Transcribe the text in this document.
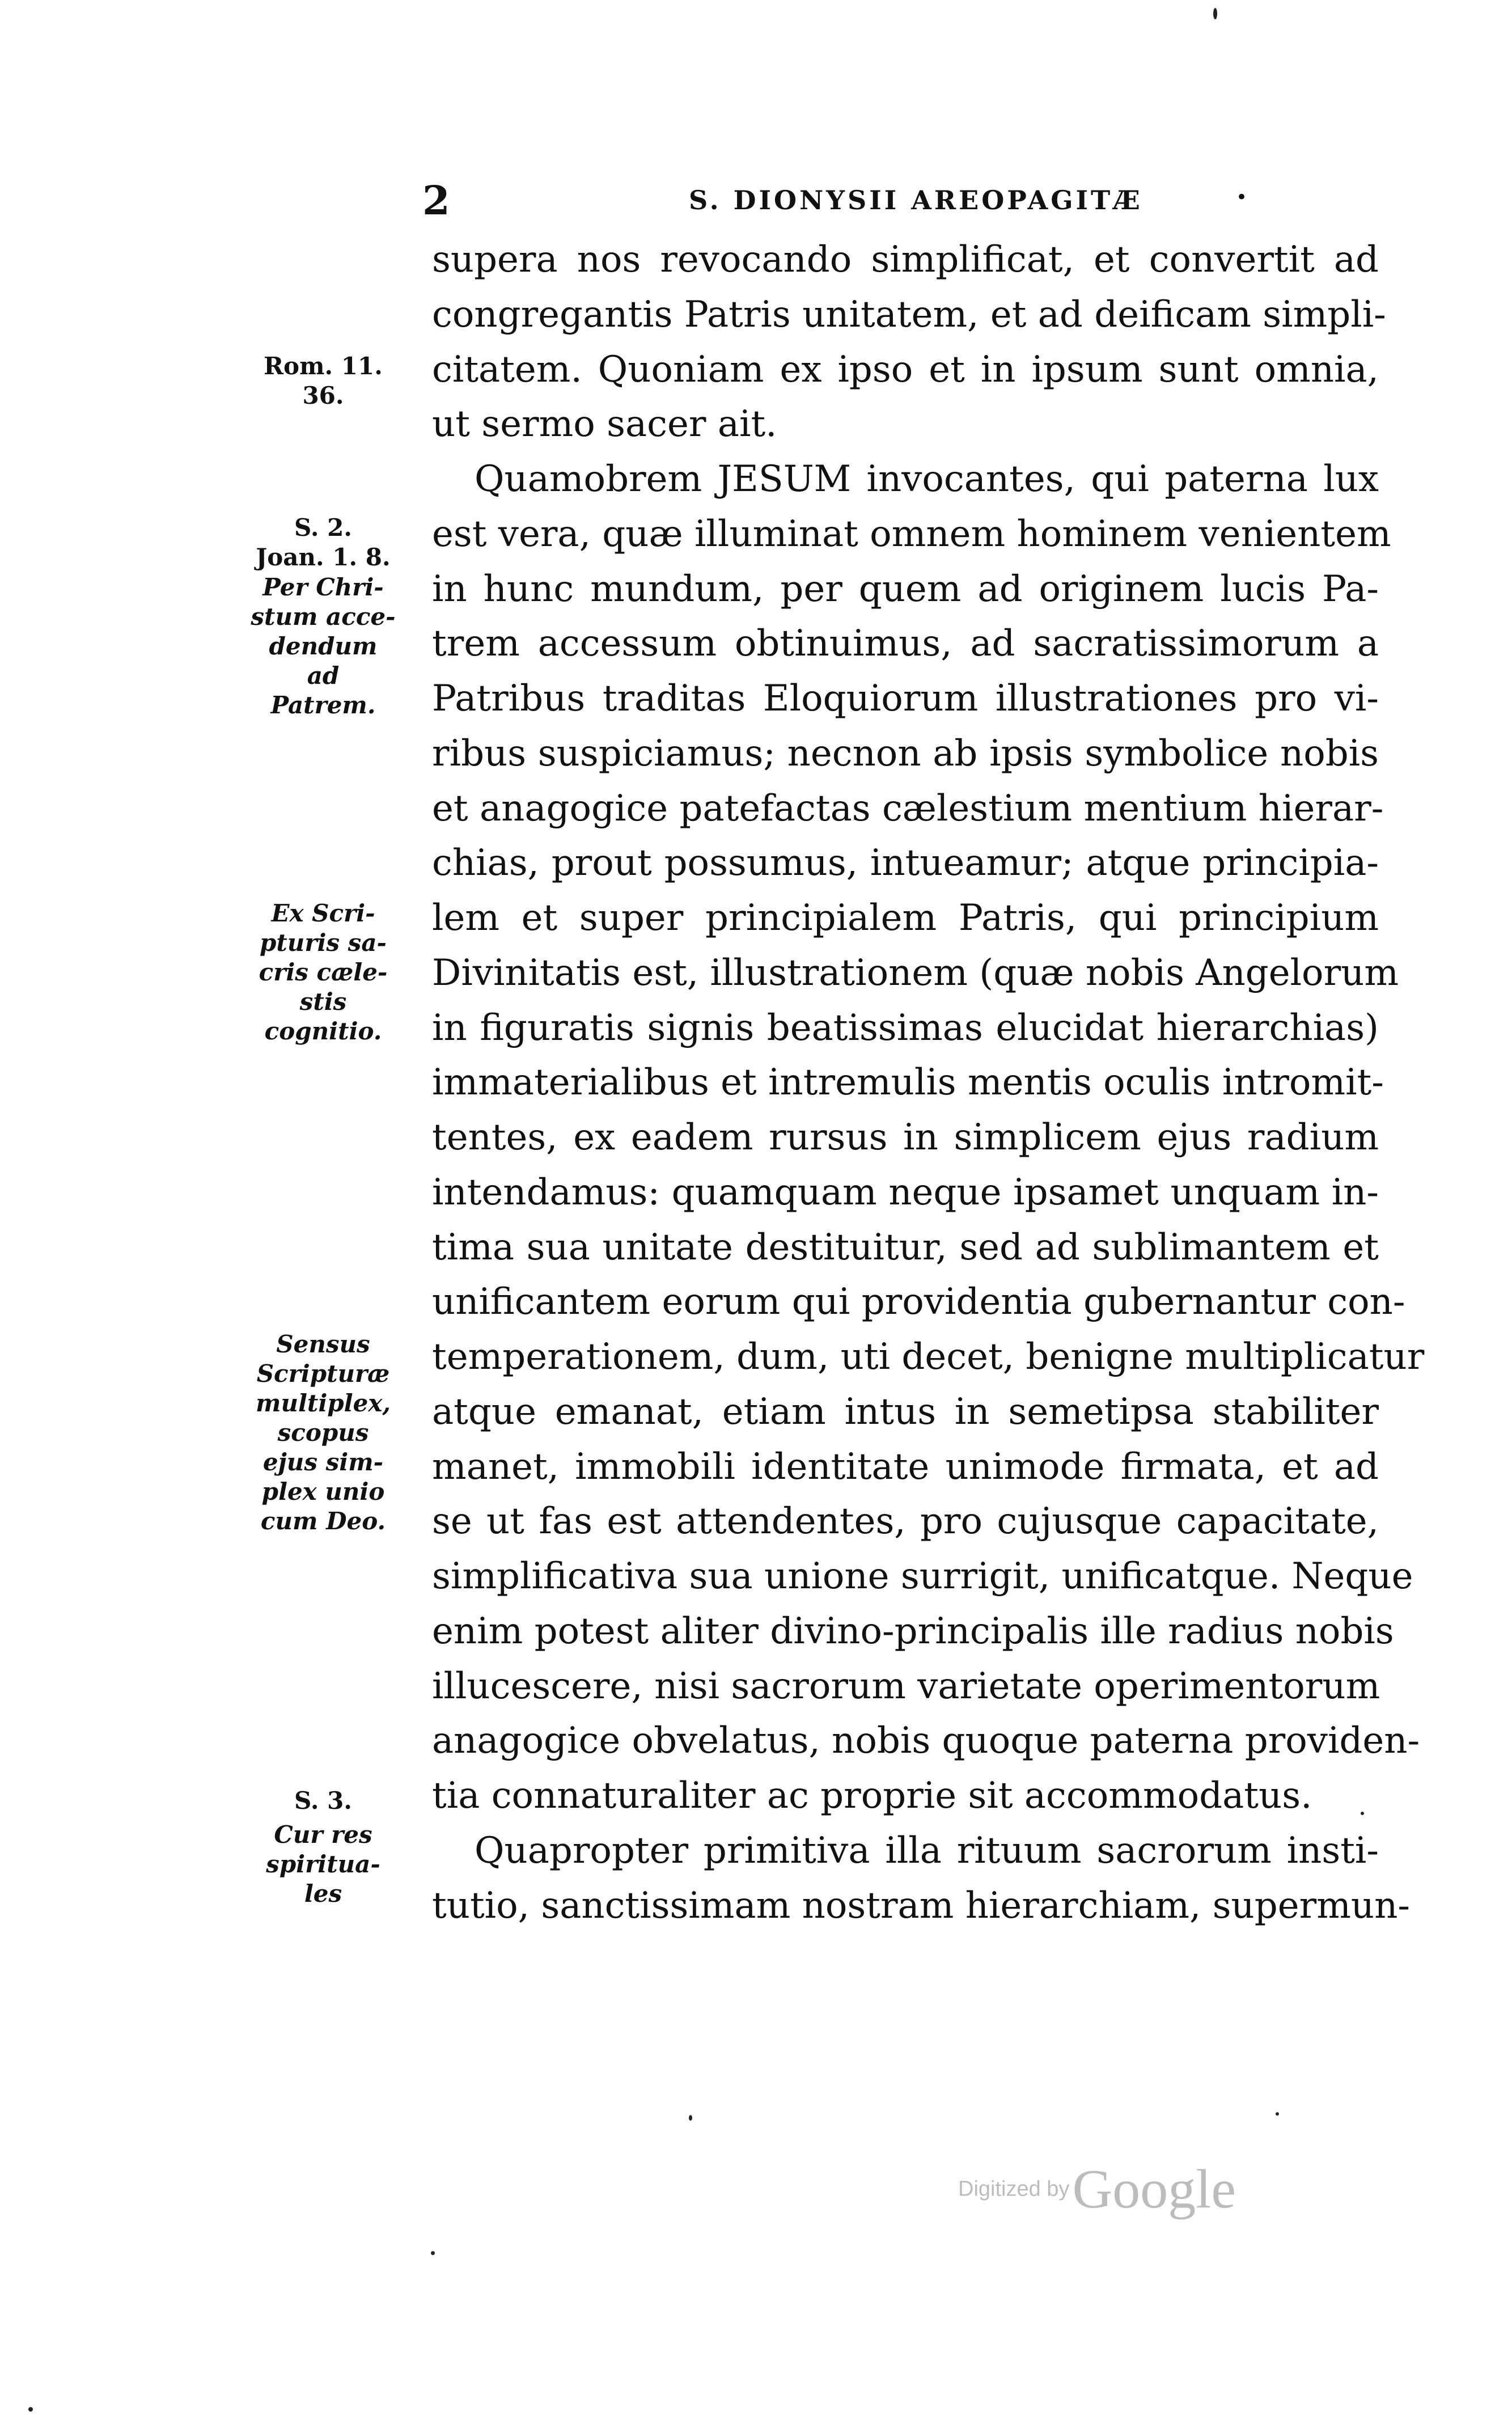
2	S. DIONYSII AREOPAGITÆ	•
supera nos revocando simplificat, et convertit ad
congregantis Patris unitatem, et ad deificam simpli-
citatem. Quoniam ex ipso et in ipsum sunt omnia,
ut sermo sacer ait.
Quamobrem JESUM invocantes, qui paterna lux
est vera, quæ illuminat omnem hominem venientem
in hunc mundum, per quem ad originem lucis Pa-
trem accessum obtinuimus, ad sacratissimorum a
Patribus traditas Eloquiorum illustrationes pro vi-
ribus suspiciamus; necnon ab ipsis symbolice nobis
et anagogice patefactas cælestium mentium hierar-
chias, prout possumus, intueamur; atque principia-
lem et super principialem Patris, qui principium
Divinitatis est, illustrationem (quæ nobis Angelorum
in figuratis signis beatissimas elucidat hierarchias)
immaterialibus et intremulis mentis oculis intromit-
tentes, ex eadem rursus in simplicem ejus radium
intendamus: quamquam neque ipsamet unquam in-
tima sua unitate destituitur, sed ad sublimantem et
unificantem eorum qui providentia gubernantur con-
temperationem, dum, uti decet, benigne multiplicatur
atque emanat, etiam intus in semetipsa stabiliter
manet, immobili identitate unimode firmata, et ad
se ut fas est attendentes, pro cujusque capacitate,
simplificativa sua unione surrigit, unificatque. Neque
enim potest aliter divino-principalis ille radius nobis
illucescere, nisi sacrorum varietate operimentorum
anagogice obvelatus, nobis quoque paterna providen-
tia connaturaliter ac proprie sit accommodatus.
Quapropter primitiva illa rituum sacrorum insti-
tutio, sanctissimam nostram hierarchiam, supermun-
Rom. 11.
36.
S. 2.
Joan. 1. 8.
Per Chri-
stum acce-
dendum
ad
Patrem.
Ex Scri-
pturis sa-
cris cæle-
stis
cognitio.
Sensus
Scripturæ
multiplex,
scopus
ejus sim-
plex unio
cum Deo.
S. 3.
Cur res
spiritua-
les
Digitized by Google
